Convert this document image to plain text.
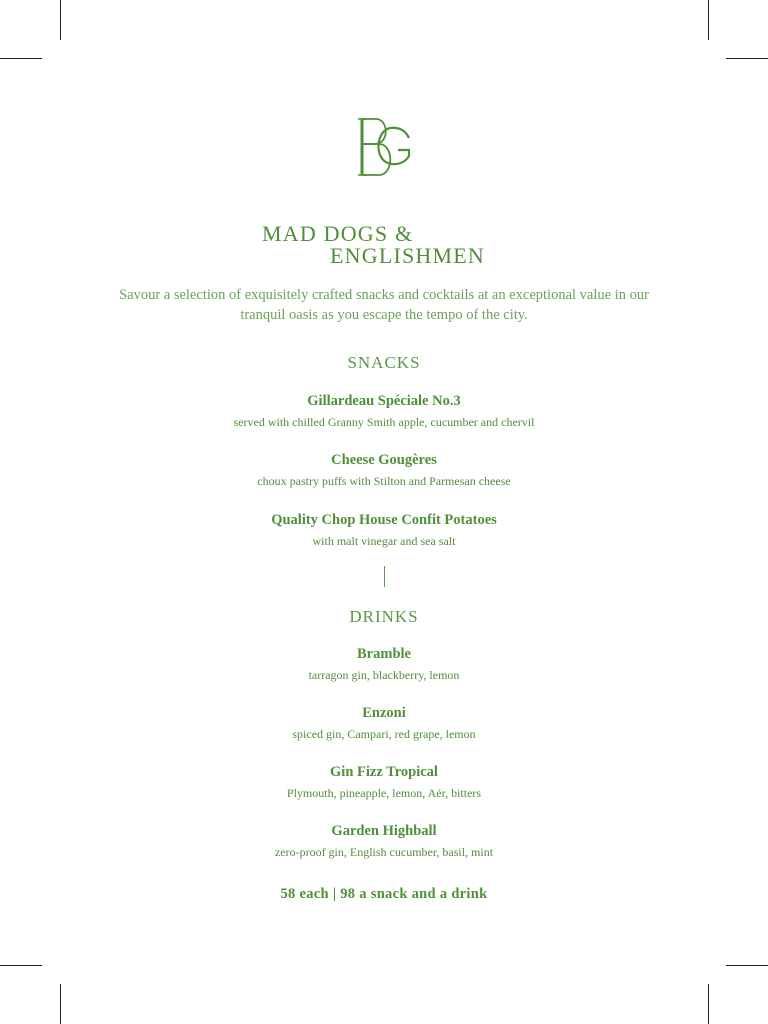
MAD DOGS &
ENGLISHMEN
Savour a selection of exquisitely crafted snacks and cocktails at an exceptional value in our tranquil oasis as you escape the tempo of the city.
SNACKS
Gillardeau Spéciale No.3
served with chilled Granny Smith apple, cucumber and chervil
Cheese Gougères
choux pastry puffs with Stilton and Parmesan cheese
Quality Chop House Confit Potatoes
with malt vinegar and sea salt
DRINKS
Bramble
tarragon gin, blackberry, lemon
Enzoni
spiced gin, Campari, red grape, lemon
Gin Fizz Tropical
Plymouth, pineapple, lemon, Aér, bitters
Garden Highball
zero-proof gin, English cucumber, basil, mint
58 each | 98 a snack and a drink
